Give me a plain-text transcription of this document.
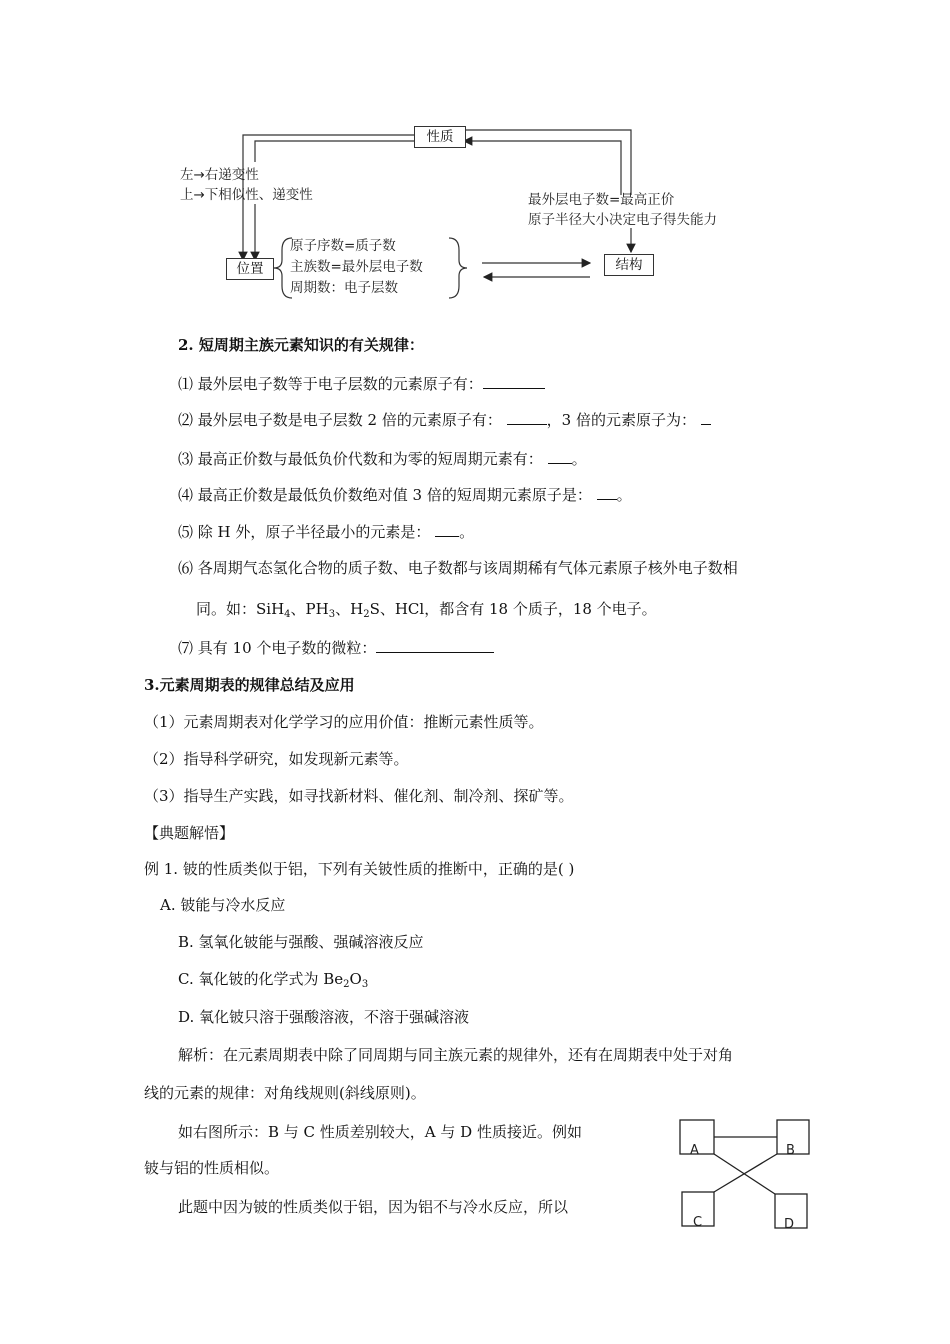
性质
位置	结构
左→右递变性
上→下相似性、递变性	最外层电子数=最高正价
原子半径大小决定电子得失能力
原子序数=质子数
主族数=最外层电子数
周期数：电子层数
2. 短周期主族元素知识的有关规律：
⑴ 最外层电子数等于电子层数的元素原子有：
⑵ 最外层电子数是电子层数 2 倍的元素原子有：	，3 倍的元素原子为：
⑶ 最高正价数与最低负价代数和为零的短周期元素有： 。
⑷ 最高正价数是最低负价数绝对值 3 倍的短周期元素原子是： 。
⑸ 除 H 外，原子半径最小的元素是： 。
⑹ 各周期气态氢化合物的质子数、电子数都与该周期稀有气体元素原子核外电子数相
同。如：SiH$_4$、$PH_3$、$H_2S$、HCl，都含有 18 个质子，18 个电子。
⑺ 具有 10 个电子数的微粒：
3.元素周期表的规律总结及应用
（1）元素周期表对化学学习的应用价值：推断元素性质等。
（2）指导科学研究，如发现新元素等。
（3）指导生产实践，如寻找新材料、催化剂、制冷剂、探矿等。
【典题解悟】
例 1. 铍的性质类似于铝，下列有关铍性质的推断中，正确的是( )
A. 铍能与冷水反应
B. 氢氧化铍能与强酸、强碱溶液反应
C. 氧化铍的化学式为 $Be_2O_3$
D. 氧化铍只溶于强酸溶液，不溶于强碱溶液
解析：在元素周期表中除了同周期与同主族元素的规律外，还有在周期表中处于对角
线的元素的规律：对角线规则(斜线原则)。
如右图所示：B 与 C 性质差别较大，A 与 D 性质接近。例如
铍与铝的性质相似。
此题中因为铍的性质类似于铝，因为铝不与冷水反应，所以
A	B
C	D
